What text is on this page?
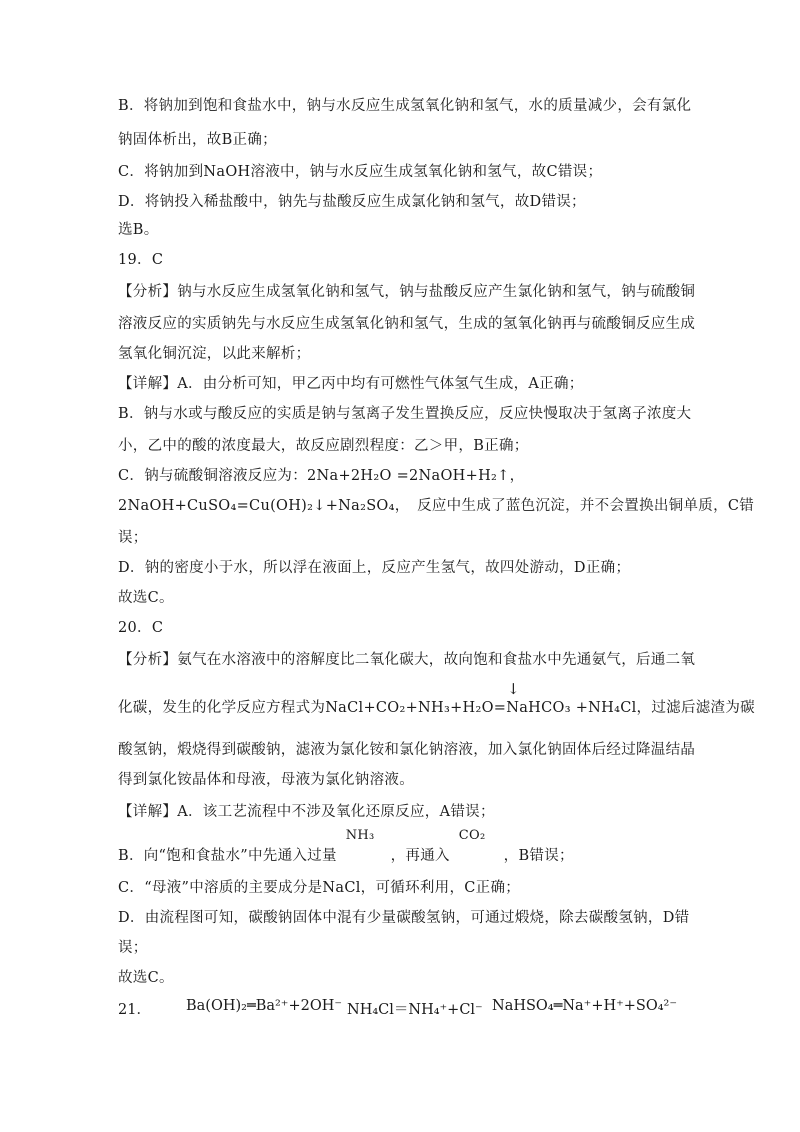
B．将钠加到饱和食盐水中，钠与水反应生成氢氧化钠和氢气，水的质量减少，会有氯化
钠固体析出，故B正确；
C．将钠加到NaOH溶液中，钠与水反应生成氢氧化钠和氢气，故C错误；
D．将钠投入稀盐酸中，钠先与盐酸反应生成氯化钠和氢气，故D错误；
选B。
19．C
【分析】钠与水反应生成氢氧化钠和氢气，钠与盐酸反应产生氯化钠和氢气，钠与硫酸铜
溶液反应的实质钠先与水反应生成氢氧化钠和氢气，生成的氢氧化钠再与硫酸铜反应生成
氢氧化铜沉淀，以此来解析；
【详解】A．由分析可知，甲乙丙中均有可燃性气体氢气生成，A正确；
B．钠与水或与酸反应的实质是钠与氢离子发生置换反应，反应快慢取决于氢离子浓度大
小，乙中的酸的浓度最大，故反应剧烈程度：乙＞甲，B正确；
C．钠与硫酸铜溶液反应为：2Na+2H₂O =2NaOH+H₂↑，
2NaOH+CuSO₄=Cu(OH)₂↓+Na₂SO₄，　反应中生成了蓝色沉淀，并不会置换出铜单质，C错
误；
D．钠的密度小于水，所以浮在液面上，反应产生氢气，故四处游动，D正确；
故选C。
20．C
【分析】氨气在水溶液中的溶解度比二氧化碳大，故向饱和食盐水中先通氨气，后通二氧
↓
化碳，发生的化学反应方程式为NaCl+CO₂+NH₃+H₂O=NaHCO₃ +NH₄Cl，过滤后滤渣为碳
酸氢钠，煅烧得到碳酸钠，滤液为氯化铵和氯化钠溶液，加入氯化钠固体后经过降温结晶
得到氯化铵晶体和母液，母液为氯化钠溶液。
【详解】A．该工艺流程中不涉及氧化还原反应，A错误；
B．向“饱和食盐水”中先通入过量
NH₃
，再通入
CO₂
，B错误；
C．“母液”中溶质的主要成分是NaCl，可循环利用，C正确；
D．由流程图可知，碳酸钠固体中混有少量碳酸氢钠，可通过煅烧，除去碳酸氢钠，D错
误；
故选C。
21． Ba(OH)₂═Ba²⁺+2OH⁻ NH₄Cl＝NH₄⁺+Cl⁻ NaHSO₄═Na⁺+H⁺+SO₄²⁻
